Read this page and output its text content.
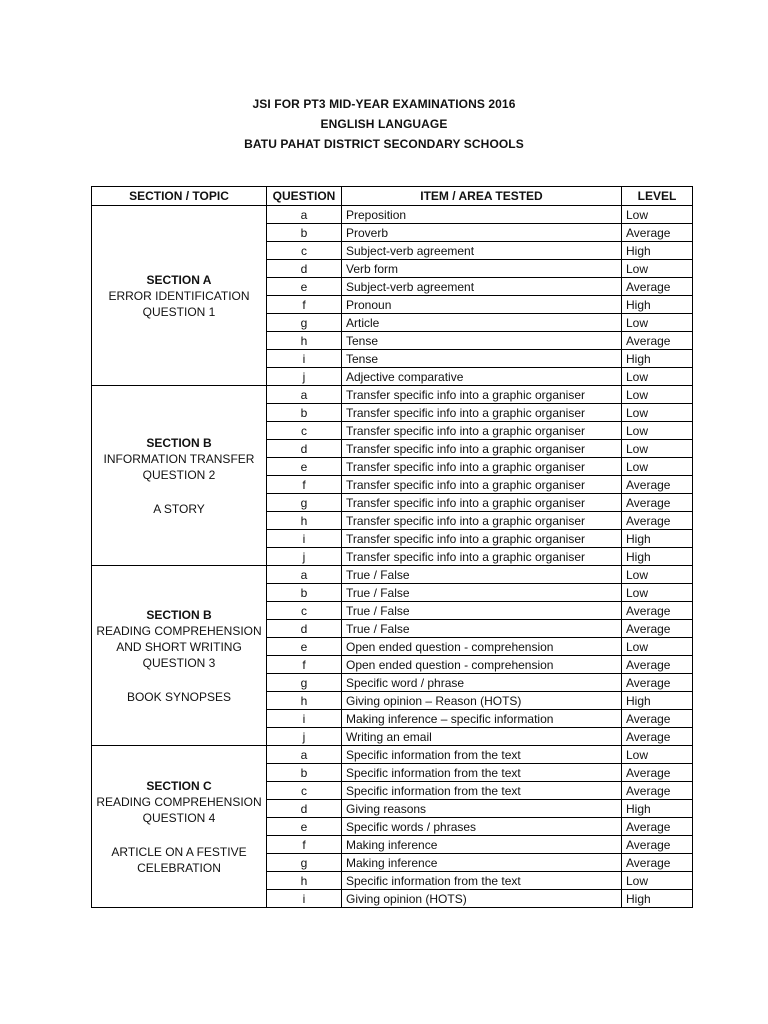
JSI FOR PT3 MID-YEAR EXAMINATIONS 2016
ENGLISH LANGUAGE
BATU PAHAT DISTRICT SECONDARY SCHOOLS
SECTION / TOPIC	QUESTION	ITEM / AREA TESTED	LEVEL

SECTION A
ERROR IDENTIFICATION
QUESTION 1	a	Preposition	Low
	b	Proverb	Average
	c	Subject-verb agreement	High
	d	Verb form	Low
	e	Subject-verb agreement	Average
	f	Pronoun	High
	g	Article	Low
	h	Tense	Average
	i	Tense	High
	j	Adjective comparative	Low

SECTION B
INFORMATION TRANSFER
QUESTION 2
A STORY	a	Transfer specific info into a graphic organiser	Low
	b	Transfer specific info into a graphic organiser	Low
	c	Transfer specific info into a graphic organiser	Low
	d	Transfer specific info into a graphic organiser	Low
	e	Transfer specific info into a graphic organiser	Low
	f	Transfer specific info into a graphic organiser	Average
	g	Transfer specific info into a graphic organiser	Average
	h	Transfer specific info into a graphic organiser	Average
	i	Transfer specific info into a graphic organiser	High
	j	Transfer specific info into a graphic organiser	High

SECTION B
READING COMPREHENSION
AND SHORT WRITING
QUESTION 3
BOOK SYNOPSES	a	True / False	Low
	b	True / False	Low
	c	True / False	Average
	d	True / False	Average
	e	Open ended question - comprehension	Low
	f	Open ended question - comprehension	Average
	g	Specific word / phrase	Average
	h	Giving opinion – Reason (HOTS)	High
	i	Making inference – specific information	Average
	j	Writing an email	Average

SECTION C
READING COMPREHENSION
QUESTION 4
ARTICLE ON A FESTIVE
CELEBRATION	a	Specific information from the text	Low
	b	Specific information from the text	Average
	c	Specific information from the text	Average
	d	Giving reasons	High
	e	Specific words / phrases	Average
	f	Making inference	Average
	g	Making inference	Average
	h	Specific information from the text	Low
	i	Giving opinion (HOTS)	High
